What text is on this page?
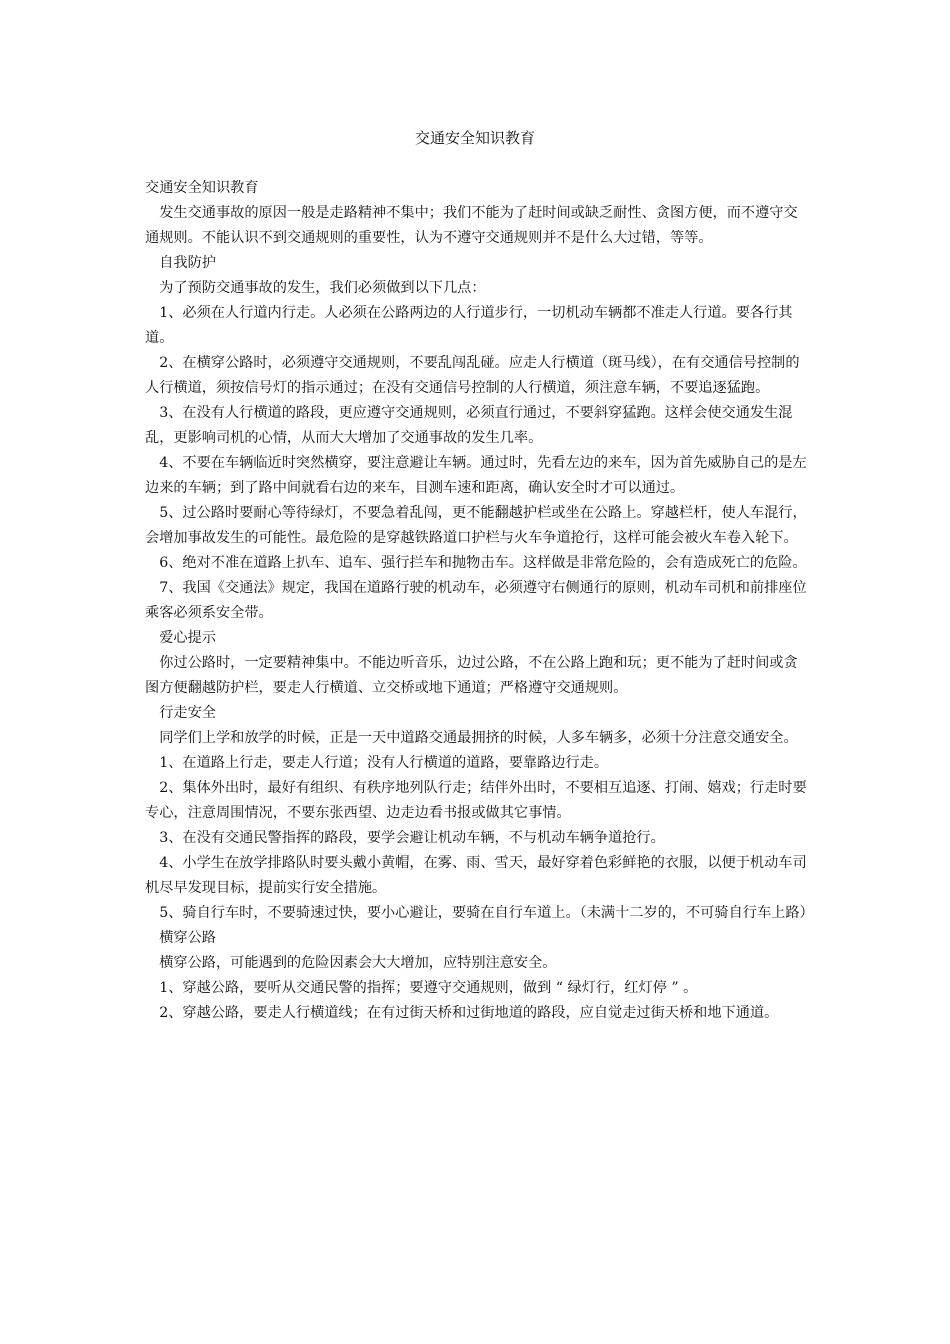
交通安全知识教育

交通安全知识教育

发生交通事故的原因一般是走路精神不集中；我们不能为了赶时间或缺乏耐性、贪图方便，而不遵守交通规则。不能认识不到交通规则的重要性，认为不遵守交通规则并不是什么大过错，等等。

自我防护

为了预防交通事故的发生，我们必须做到以下几点：

1、必须在人行道内行走。人必须在公路两边的人行道步行，一切机动车辆都不准走人行道。要各行其道。

2、在横穿公路时，必须遵守交通规则，不要乱闯乱碰。应走人行横道（斑马线），在有交通信号控制的人行横道，须按信号灯的指示通过；在没有交通信号控制的人行横道，须注意车辆，不要追逐猛跑。

3、在没有人行横道的路段，更应遵守交通规则，必须直行通过，不要斜穿猛跑。这样会使交通发生混乱，更影响司机的心情，从而大大增加了交通事故的发生几率。

4、不要在车辆临近时突然横穿，要注意避让车辆。通过时，先看左边的来车，因为首先威胁自己的是左边来的车辆；到了路中间就看右边的来车，目测车速和距离，确认安全时才可以通过。

5、过公路时要耐心等待绿灯，不要急着乱闯，更不能翻越护栏或坐在公路上。穿越栏杆，使人车混行，会增加事故发生的可能性。最危险的是穿越铁路道口护栏与火车争道抢行，这样可能会被火车卷入轮下。

6、绝对不准在道路上扒车、追车、强行拦车和抛物击车。这样做是非常危险的，会有造成死亡的危险。

7、我国《交通法》规定，我国在道路行驶的机动车，必须遵守右侧通行的原则，机动车司机和前排座位乘客必须系安全带。

爱心提示

你过公路时，一定要精神集中。不能边听音乐，边过公路，不在公路上跑和玩；更不能为了赶时间或贪图方便翻越防护栏，要走人行横道、立交桥或地下通道；严格遵守交通规则。

行走安全

同学们上学和放学的时候，正是一天中道路交通最拥挤的时候，人多车辆多，必须十分注意交通安全。

1、在道路上行走，要走人行道；没有人行横道的道路，要靠路边行走。

2、集体外出时，最好有组织、有秩序地列队行走；结伴外出时，不要相互追逐、打闹、嬉戏；行走时要专心，注意周围情况，不要东张西望、边走边看书报或做其它事情。

3、在没有交通民警指挥的路段，要学会避让机动车辆，不与机动车辆争道抢行。

4、小学生在放学排路队时要头戴小黄帽，在雾、雨、雪天，最好穿着色彩鲜艳的衣服，以便于机动车司机尽早发现目标，提前实行安全措施。

5、骑自行车时，不要骑速过快，要小心避让，要骑在自行车道上。（未满十二岁的，不可骑自行车上路）

横穿公路

横穿公路，可能遇到的危险因素会大大增加，应特别注意安全。

1、穿越公路，要听从交通民警的指挥；要遵守交通规则，做到 “ 绿灯行，红灯停 ” 。

2、穿越公路，要走人行横道线；在有过街天桥和过街地道的路段，应自觉走过街天桥和地下通道。
